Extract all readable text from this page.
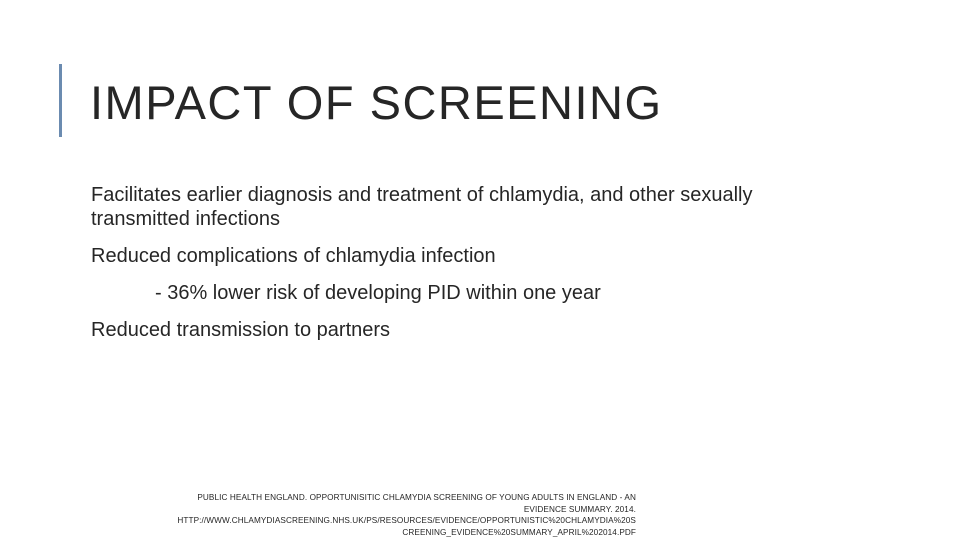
IMPACT OF SCREENING

Facilitates earlier diagnosis and treatment of chlamydia, and other sexually transmitted infections

Reduced complications of chlamydia infection

- 36% lower risk of developing PID within one year

Reduced transmission to partners

PUBLIC HEALTH ENGLAND. OPPORTUNISITIC CHLAMYDIA SCREENING OF YOUNG ADULTS IN ENGLAND - AN
EVIDENCE SUMMARY. 2014.
HTTP://WWW.CHLAMYDIASCREENING.NHS.UK/PS/RESOURCES/EVIDENCE/OPPORTUNISTIC%20CHLAMYDIA%20S
CREENING_EVIDENCE%20SUMMARY_APRIL%202014.PDF
